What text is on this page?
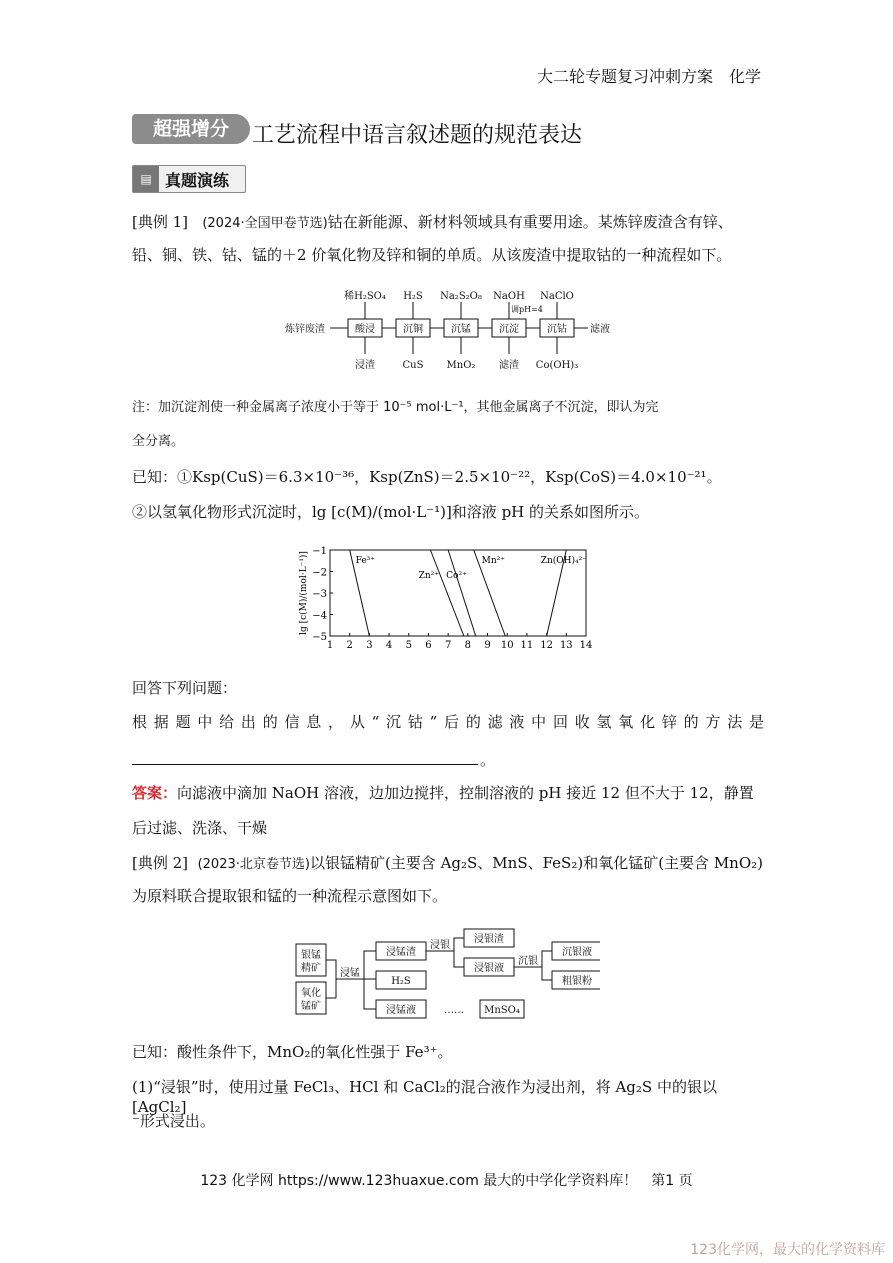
大二轮专题复习冲刺方案　化学
超强增分	工艺流程中语言叙述题的规范表达
▤ 真题演练
[典例 1] (2024·全国甲卷节选)钴在新能源、新材料领域具有重要用途。某炼锌废渣含有锌、
铅、铜、铁、钴、锰的＋2 价氧化物及锌和铜的单质。从该废渣中提取钴的一种流程如下。
炼锌废渣	酸浸
稀H₂SO₄
浸渣
沉铜
H₂S
CuS
沉锰
Na₂S₂O₈
MnO₂
沉淀
NaOH
滤渣
调pH=4
沉钴
NaClO
Co(OH)₃
滤液
注：加沉淀剂使一种金属离子浓度小于等于 10⁻⁵ mol·L⁻¹，其他金属离子不沉淀，即认为完
全分离。
已知：①Ksp(CuS)＝6.3×10⁻³⁶，Ksp(ZnS)＝2.5×10⁻²²，Ksp(CoS)＝4.0×10⁻²¹。
②以氢氧化物形式沉淀时，lg [c(M)/(mol·L⁻¹)]和溶液 pH 的关系如图所示。
1 2 3 4 5 6 7 8 9 10 11 12 13 14
−1
−2
−3
−4
−5
lg [c(M)/(mol·L⁻¹)]	Fe³⁺
Zn²⁺ Co²⁺
Mn²⁺	Zn(OH)₄²⁻
回答下列问题：
根据题中给出的信息，从“沉钴”后的滤液中回收氢氧化锌的方法是
。
答案：向滤液中滴加 NaOH 溶液，边加边搅拌，控制溶液的 pH 接近 12 但不大于 12，静置
后过滤、洗涤、干燥
[典例 2] (2023·北京卷节选)以银锰精矿(主要含 Ag₂S、MnS、FeS₂)和氧化锰矿(主要含 MnO₂)
为原料联合提取银和锰的一种流程示意图如下。
银锰
精矿
氧化
锰矿
浸锰
浸锰渣
H₂S
浸锰液
浸银
浸银渣
浸银液
沉银
沉银液
粗银粉
…… MnSO₄
已知：酸性条件下，MnO₂的氧化性强于 Fe³⁺。
(1)“浸银”时，使用过量 FeCl₃、HCl 和 CaCl₂的混合液作为浸出剂，将 Ag₂S 中的银以[AgCl₂]
⁻形式浸出。
123 化学网 https://www.123huaxue.com 最大的中学化学资料库！　第1 页
123化学网，最大的化学资料库
